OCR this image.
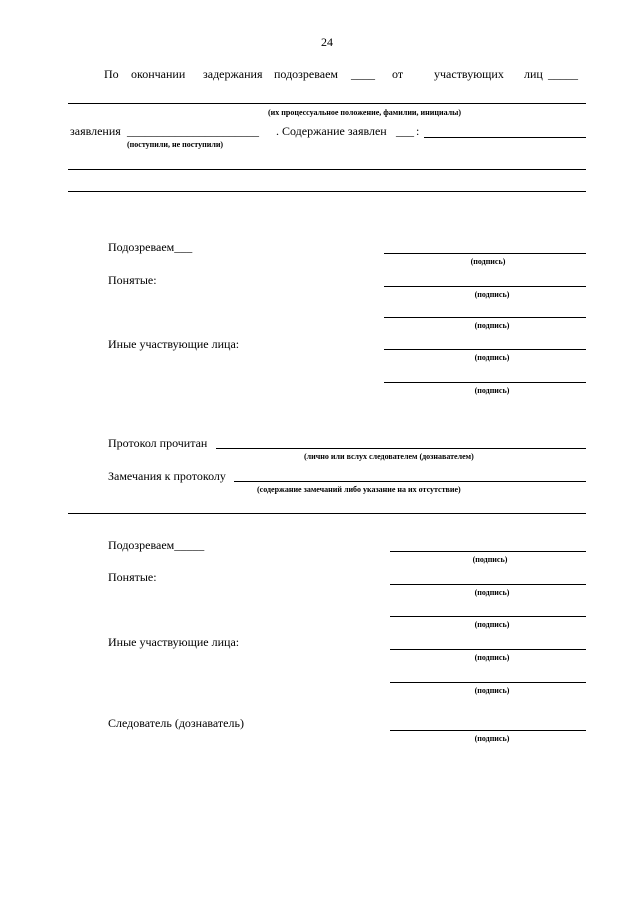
24
По окончании задержания подозреваем ____ от	участвующих лиц _____
(их процессуальное положение, фамилии, инициалы)
заявления ______________________ . Содержание заявлен ___ :
(поступили, не поступили)
Подозреваем___
Понятые:
Иные участвующие лица:
(подпись)
(подпись)
(подпись)
(подпись)
(подпись)
Протокол прочитан
(лично или вслух следователем (дознавателем)
Замечания к протоколу
(содержание замечаний либо указание на их отсутствие)
Подозреваем_____
Понятые:
Иные участвующие лица:
Следователь (дознаватель)
(подпись)
(подпись)
(подпись)
(подпись)
(подпись)
(подпись)
